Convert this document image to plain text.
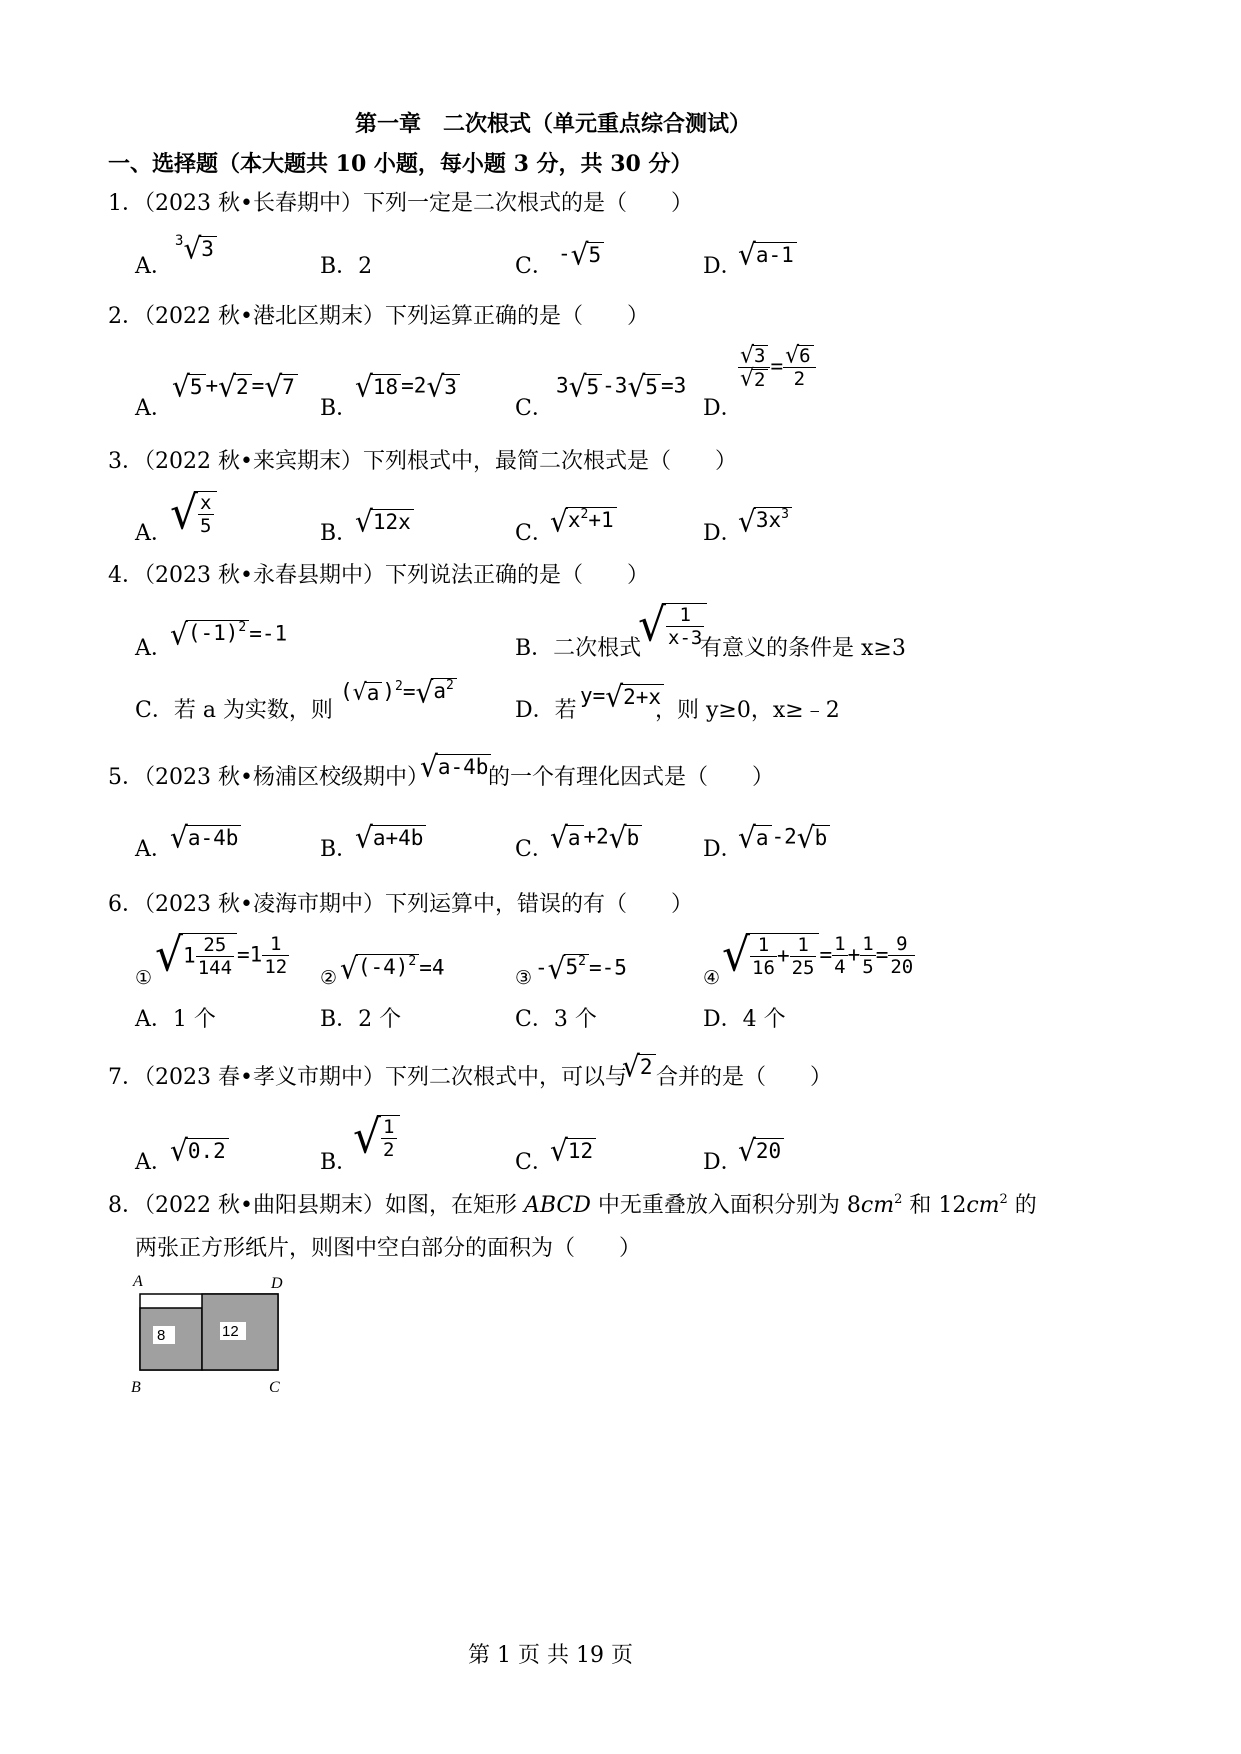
第一章　二次根式（单元重点综合测试）
一、选择题（本大题共 10 小题，每小题 3 分，共 30 分）
1．（2023 秋•长春期中）下列一定是二次根式的是（　　）
A．
$^3$√3
B．2	C．
-√5	D．
√a-1
2．（2022 秋•港北区期末）下列运算正确的是（　　）
A．
√5 +√2 =√7
B．
√18 =2√3
C．
3√5 -3√5 =3
D．
$\frac{√3}{√2} = \frac{√6}{2}$
3．（2022 秋•来宾期末）下列根式中，最简二次根式是（　　）
A．
√ $\frac{x}{5}$	B．
√12x	C．
$√x^2+1$
D．
$√3x^3$
4．（2023 秋•永春县期中）下列说法正确的是（　　）
A．
$√(-1)^2 =-1$
B．二次根式
√ $\frac{1}{x-3}$
有意义的条件是 x≥3
C．若 a 为实数，则
(√a )$^2=√a^2$
D．若
y=√2+x
，则 y≥0，x≥﹣2
5．（2023 秋•杨浦区校级期中）
√a-4b 的一个有理化因式是（　　）
A．
√a-4b	B．
√a+4b	C．
√a +2√b	D．
√a -2√b
6．（2023 秋•凌海市期中）下列运算中，错误的有（　　）
① $√1 \frac{25}{144} =1 \frac{1}{12}$ ② $√(-4)^2 =4$	③ $-√5^2 =-5$	④ √ $\frac{1}{16} + \frac{1}{25} = \frac{1}{4} + \frac{1}{5} = \frac{9}{20}$
A．1 个	B．2 个	C．3 个	D．4 个
7．（2023 春•孝义市期中）下列二次根式中，可以与
√2 合并的是（　　）
A．
√0.2	B．
√ $\frac{1}{2}$
C．
√12	D．
√20
8．（2022 秋•曲阳县期末）如图，在矩形 ABCD 中无重叠放入面积分别为 $8cm^2$ 和 $12cm^2$ 的
两张正方形纸片，则图中空白部分的面积为（　　）
8	12
A	D
B	C
第 1 页 共 19 页
